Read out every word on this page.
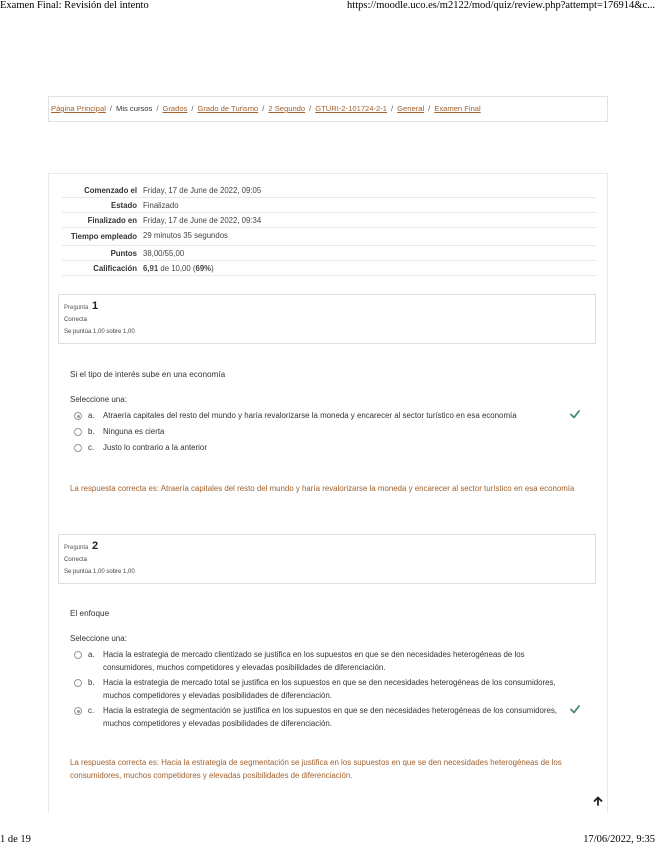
Examen Final: Revisión del intento	https://moodle.uco.es/m2122/mod/quiz/review.php?attempt=176914&c...
Página Principal / Mis cursos / Grados / Grado de Turismo / 2 Segundo / GTURI-2-101724-2-1 / General / Examen Final
Comenzado el Friday, 17 de June de 2022, 09:05
Estado Finalizado
Finalizado en Friday, 17 de June de 2022, 09:34
Tiempo empleado 29 minutos 35 segundos
Puntos 38,00/55,00
Calificación 6,91 de 10,00 (69%)
Pregunta 1
Correcta
Se puntúa 1,00 sobre 1,00
Si el tipo de interés sube en una economía
Seleccione una:
a.	Atraería capitales del resto del mundo y haría revalorizarse la moneda y encarecer al sector turístico en esa economía
b.	Ninguna es cierta
c.	Justo lo contrario a la anterior
La respuesta correcta es: Atraería capitales del resto del mundo y haría revalorizarse la moneda y encarecer al sector turístico en esa economía
Pregunta 2
Correcta
Se puntúa 1,00 sobre 1,00
El enfoque
Seleccione una:
a.	Hacia la estrategia de mercado clientizado se justifica en los supuestos en que se den necesidades heterogéneas de los consumidores, muchos competidores y elevadas posibilidades de diferenciación.
b.	Hacia la estrategia de mercado total se justifica en los supuestos en que se den necesidades heterogéneas de los consumidores, muchos competidores y elevadas posibilidades de diferenciación.
c.	Hacia la estrategia de segmentación se justifica en los supuestos en que se den necesidades heterogéneas de los consumidores, muchos competidores y elevadas posibilidades de diferenciación.
La respuesta correcta es: Hacia la estrategia de segmentación se justifica en los supuestos en que se den necesidades heterogéneas de los consumidores, muchos competidores y elevadas posibilidades de diferenciación.
1 de 19	17/06/2022, 9:35
